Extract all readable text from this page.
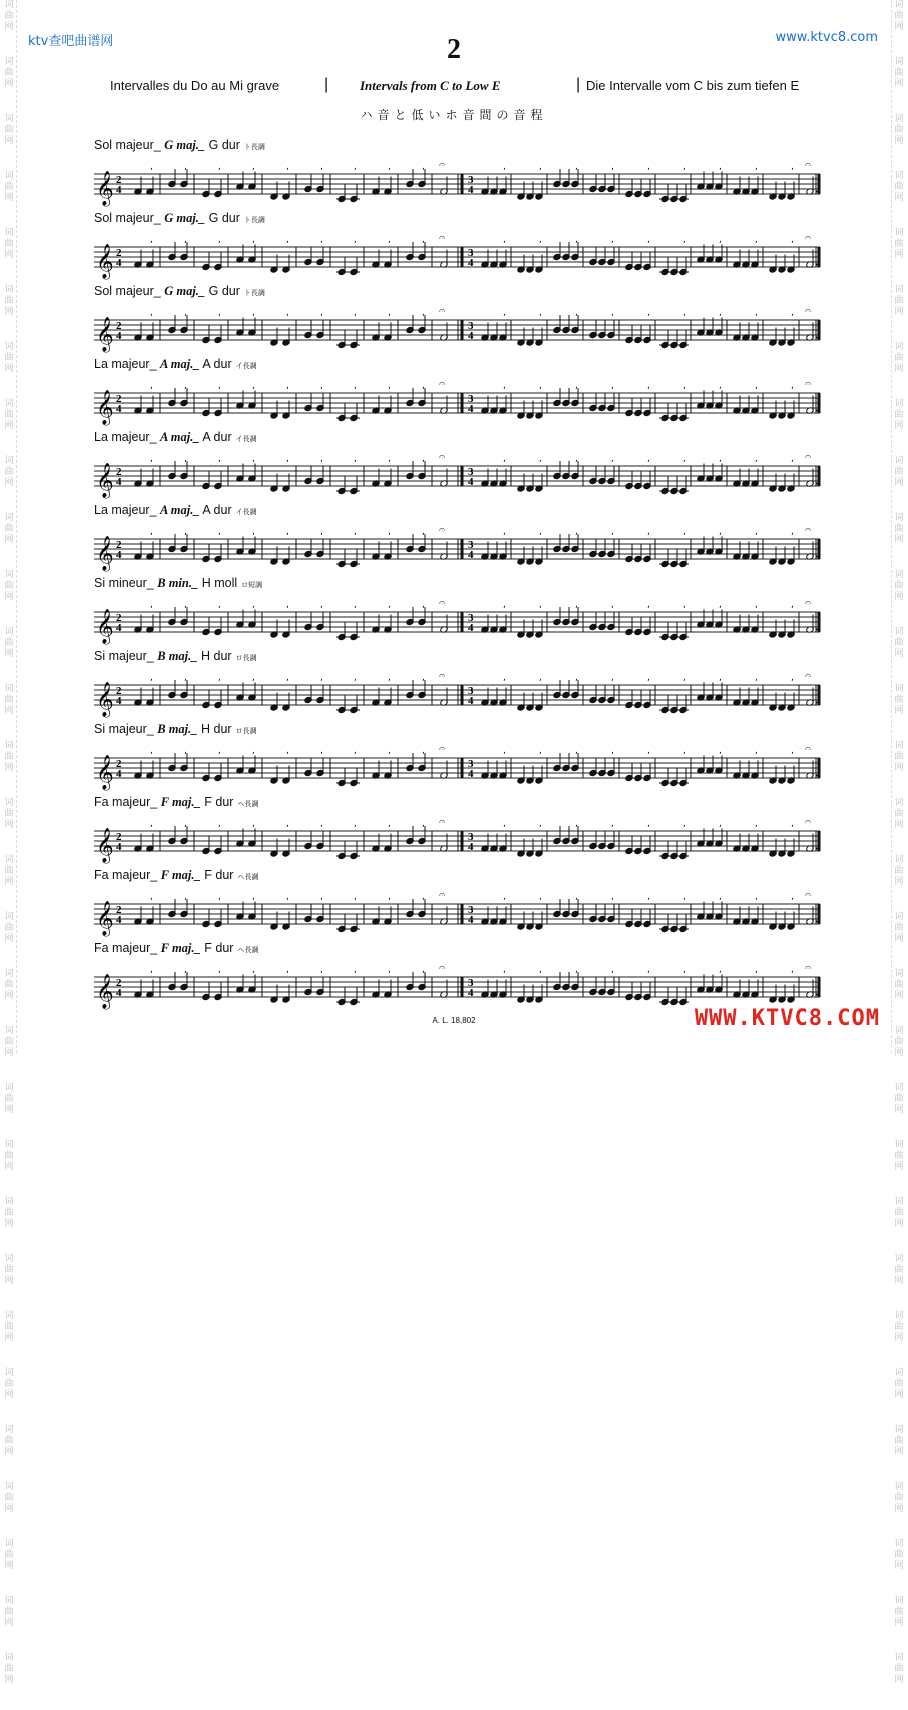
词
曲
网
词
曲
网
词
曲
网
词
曲
网
词
曲
网
词
曲
网
词
曲
网
词
曲
网
词
曲
网
词
曲
网
词
曲
网
词
曲
网
词
曲
网
词
曲
网
词
曲
网
词
曲
网
词
曲
网
词
曲
网
词
曲
网
词
曲
网
词
曲
网
词
曲
网
词
曲
网
词
曲
网
词
曲
网
词
曲
网
词
曲
网
词
曲
网
词
曲
网
词
曲
网
词
曲
网
词
曲
网
词
曲
网
词
曲
网
词
曲
网
词
曲
网
词
曲
网
词
曲
网
词
曲
网
词
曲
网
词
曲
网
词
曲
网
词
曲
网
词
曲
网
词
曲
网
词
曲
网
词
曲
网
词
曲
网
词
曲
网
词
曲
网
词
曲
网
词
曲
网
词
曲
网
词
曲
网
词
曲
网
词
曲
网
词
曲
网
词
曲
网
词
曲
网
词
曲
网
ktv查吧曲谱网	www.ktvc8.com
2
Intervalles du Do au Mi grave	| Intervals from C to Low E	| Die Intervalle vom C bis zum tiefen E
ハ音と低いホ音間の音程
Sol majeur_ G maj._ G dur ト長調
𝄞 2
4
,	,	,	,	,	,	,	,	, 𝄐
3
4
,	,	,	,	,	,	,	,	, 𝄐
Sol majeur_ G maj._ G dur ト長調
𝄞 2
4
,	,	,	,	,	,	,	,	, 𝄐
3
4
,	,	,	,	,	,	,	,	, 𝄐
Sol majeur_ G maj._ G dur ト長調
𝄞 2
4
,	,	,	,	,	,	,	,	, 𝄐
3
4
,	,	,	,	,	,	,	,	, 𝄐
La majeur_ A maj._ A dur イ長調
𝄞 2
4
,	,	,	,	,	,	,	,	, 𝄐
3
4
,	,	,	,	,	,	,	,	, 𝄐
La majeur_ A maj._ A dur イ長調
𝄞 2
4
,	,	,	,	,	,	,	,	, 𝄐
3
4
,	,	,	,	,	,	,	,	, 𝄐
La majeur_ A maj._ A dur イ長調
𝄞 2
4
,	,	,	,	,	,	,	,	, 𝄐
3
4
,	,	,	,	,	,	,	,	, 𝄐
Si mineur_ B min._ H moll ロ短調
𝄞 2
4
,	,	,	,	,	,	,	,	, 𝄐
3
4
,	,	,	,	,	,	,	,	, 𝄐
Si majeur_ B maj._ H dur ロ長調
𝄞 2
4
,	,	,	,	,	,	,	,	, 𝄐
3
4
,	,	,	,	,	,	,	,	, 𝄐
Si majeur_ B maj._ H dur ロ長調
𝄞 2
4
,	,	,	,	,	,	,	,	, 𝄐
3
4
,	,	,	,	,	,	,	,	, 𝄐
Fa majeur_ F maj._ F dur ヘ長調
𝄞 2
4
,	,	,	,	,	,	,	,	, 𝄐
3
4
,	,	,	,	,	,	,	,	, 𝄐
Fa majeur_ F maj._ F dur ヘ長調
𝄞 2
4
,	,	,	,	,	,	,	,	, 𝄐
3
4
,	,	,	,	,	,	,	,	, 𝄐
Fa majeur_ F maj._ F dur ヘ長調
𝄞 2
4
,	,	,	,	,	,	,	,	, 𝄐
3
4
,	,	,	,	,	,	,	,	, 𝄐
A. L. 18,802	WWW.KTVC8.COM
